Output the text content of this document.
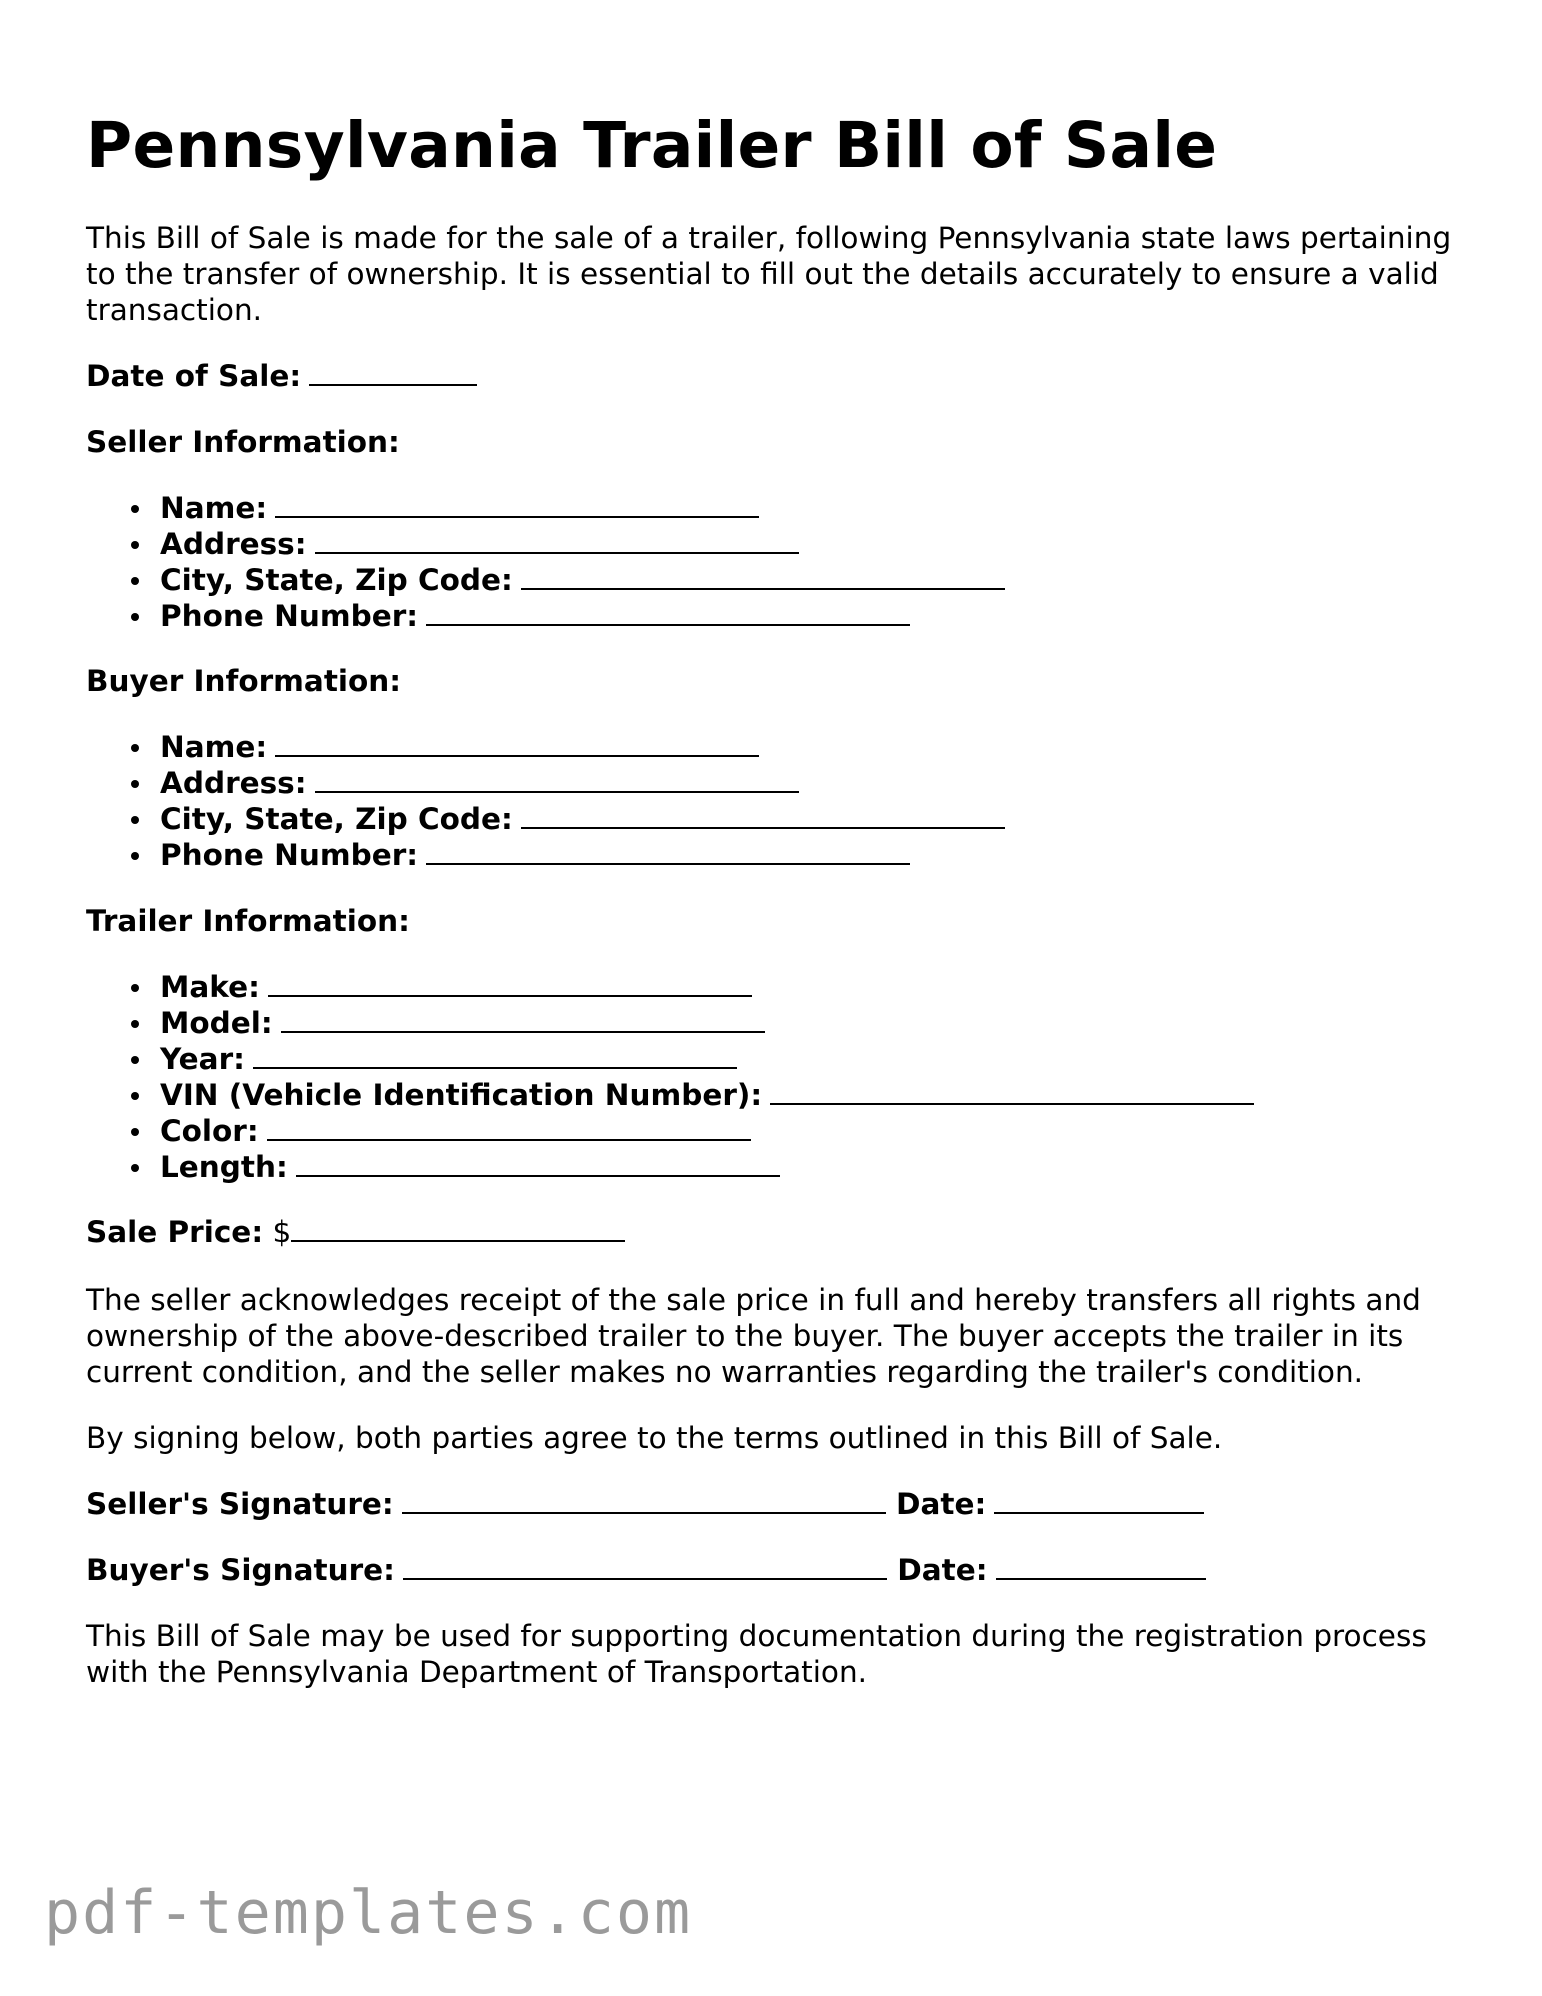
Pennsylvania Trailer Bill of Sale

This Bill of Sale is made for the sale of a trailer, following Pennsylvania state laws pertaining to the transfer of ownership. It is essential to fill out the details accurately to ensure a valid transaction.

Date of Sale:
Seller Information:
Name:
Address:
City, State, Zip Code:
Phone Number:
Buyer Information:
Name:
Address:
City, State, Zip Code:
Phone Number:
Trailer Information:
Make:
Model:
Year:
VIN (Vehicle Identification Number):
Color:
Length:
Sale Price: $

The seller acknowledges receipt of the sale price in full and hereby transfers all rights and ownership of the above-described trailer to the buyer. The buyer accepts the trailer in its current condition, and the seller makes no warranties regarding the trailer's condition.

By signing below, both parties agree to the terms outlined in this Bill of Sale.

Seller's Signature:	Date:
Buyer's Signature:	Date:

This Bill of Sale may be used for supporting documentation during the registration process with the Pennsylvania Department of Transportation.

pdf-templates.com
